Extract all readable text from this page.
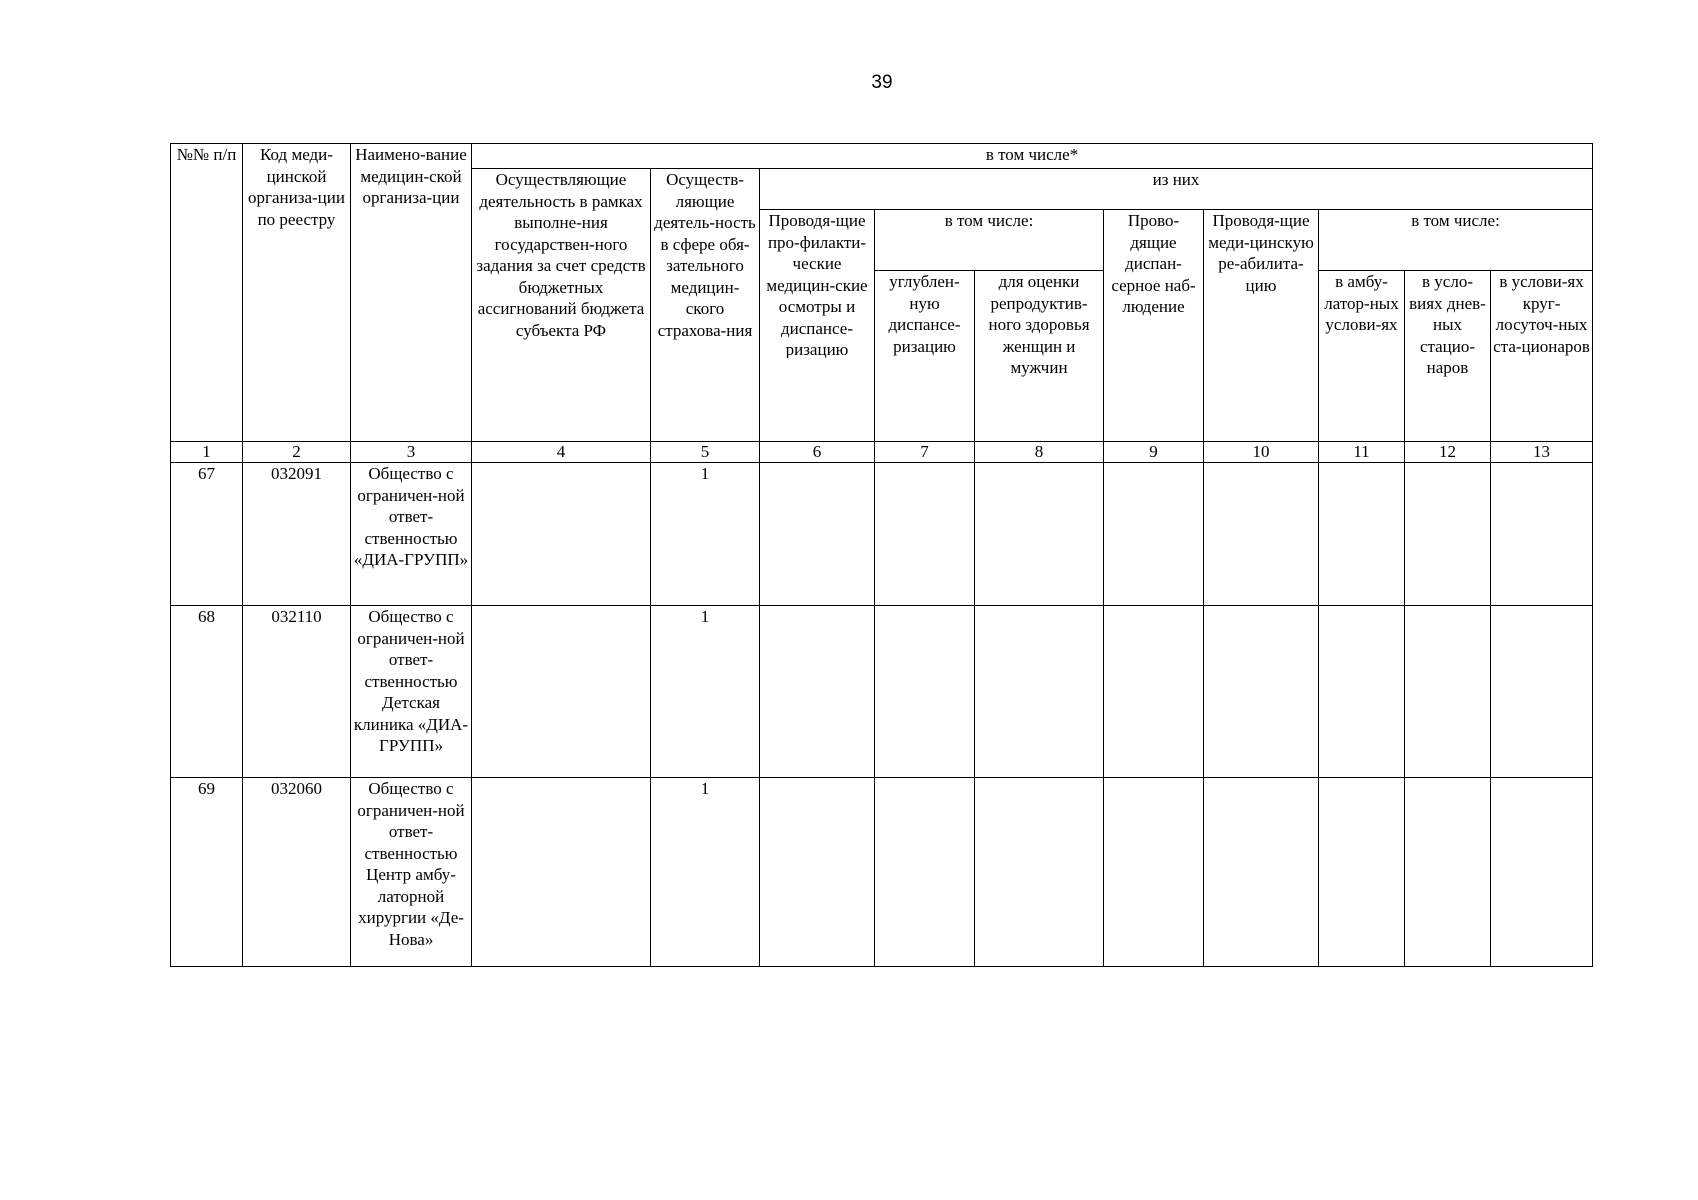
39
№№ п/п	Код меди-цинской организа-ции по реестру	Наимено-вание медицин-ской организа-ции	в том числе*									
			Осуществляющие деятельность в рамках выполне-ния государствен-ного задания за счет средств бюджетных ассигнований бюджета субъекта РФ	Осуществ-ляющие деятель-ность в сфере обя-зательного медицин-ского страхова-ния	из них							

					Проводя-щие про-филакти-ческие медицин-ские осмотры и диспансе-ризацию	в том числе:		Прово-дящие диспан-серное наб-людение	Проводя-щие меди-цинскую ре-абилита-цию	в том числе:		
						углублен-ную диспансе-ризацию	для оценки репродуктив-ного здоровья женщин и мужчин			в амбу-латор-ных услови-ях	в усло-виях днев-ных стацио-наров	в услови-ях круг-лосуточ-ных ста-ционаров
1	2	3	4	5	6	7	8	9	10	11	12	13
67	032091	Общество с ограничен-ной ответ-ственностью «ДИА-ГРУПП»		1								
68	032110	Общество с ограничен-ной ответ-ственностью Детская клиника «ДИА-ГРУПП»		1								
69	032060	Общество с ограничен-ной ответ-ственностью Центр амбу-латорной хирургии «Де-Нова»		1								
